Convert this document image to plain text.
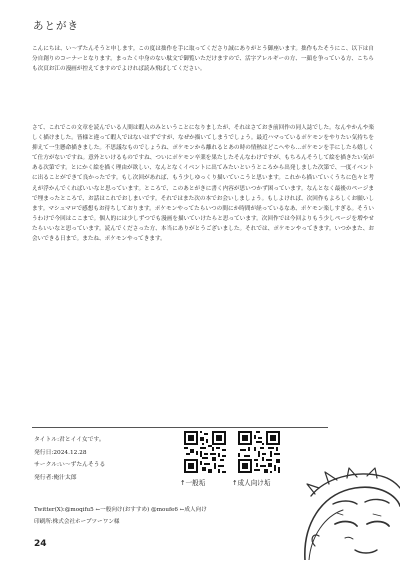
あとがき

こんにちは、い～ずたんそうと申します。この度は拙作を手に取ってくださり誠にありがとう御座います。拙作もたそうにこ、以下は自分自創りのコーナーとなります。まったく中身のない駄文で御覧いただけますので、活字アレルギーの方、一顔を争っている方、こちらも次頁お江の漫画が控えてますのでよければ読み飛ばしてください。

さて、これでこの文章を読んでいる人間は暇人のみということになりましたが、それはさておき前回作の同人誌でした。なんやかんや楽しく描けました。皆様と違って暇人ではないはずですが、なぜか描いてしまうでしょう。最近ハマっているポケモンをやりたい気持ちを抑えて一生懸命描きました。不思議なものでしょうね、ポケモンから離れるとあの時の情熱はどこへやら…ポケモンを手にしたら嬉しくて仕方がないですね。意外といけるものですね、ついにポケモン卒業を果たしたそんなわけですが、もちろんそうして絵を描きたい気がある次第です。とにかく絵を描く理由が欲しい、なんとなくイベントに出てみたいというところから出発しました次第で、一度イベントに出ることができて良かったです。もし次回があれば、もう少しゆっくり描いていこうと思います。これから描いていくうちに色々と考えが浮かんでくればいいなと思っています。ところで、このあとがきに書く内容が思いつかず困っています。なんとなく最後のページまで埋まったところで、お話はこれでおしまいです。それではまた次の本でお会いしましょう。もしよければ、次回作もよろしくお願いします。マシュマロで感想もお待ちしております。ポケモンやってたらいつの間にか時間が経っているなあ、ポケモン楽しすぎる。そういうわけで今回はここまで。個人的には少しずつでも漫画を描いていけたらと思っています。次回作では今回よりもう少しページを増やせたらいいなと思っています。読んでくださった方、本当にありがとうございました。それでは、ポケモンやってきます。いつかまた、お会いできる日まで。またね、ポケモンやってきます。

タイトル:君とイイ女です。
発行日:2024.12.28
サークル:い～ずたんそうる
発行者:俺汁太郎
Twitter(X):@moqifu5 ←一般向け(おすすめ) @moufe6 ←成人向け
印刷所:株式会社ホープツーワン様
↑一般垢	↑成人向け垢
24
